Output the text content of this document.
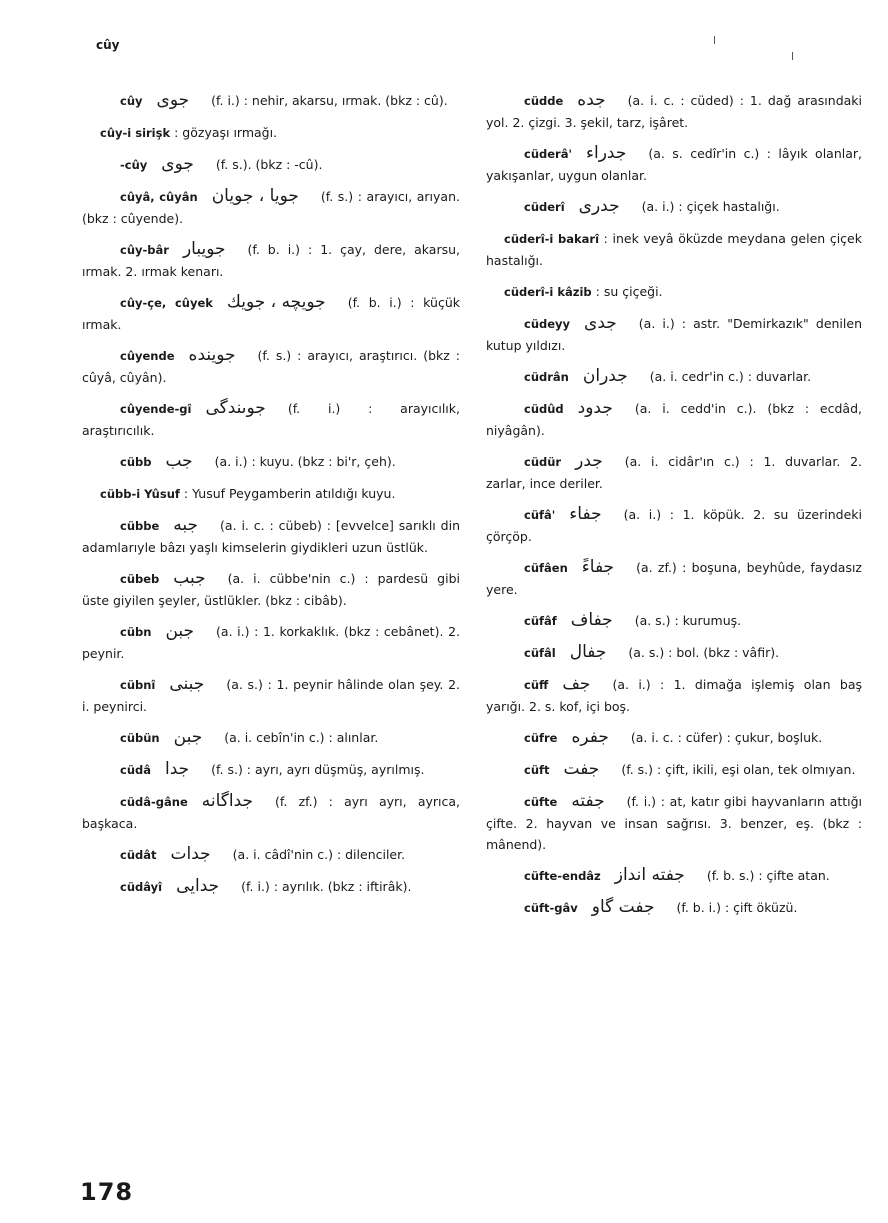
cûy
cûy جوى (f. i.) : nehir, akarsu, ırmak. (bkz : cû).
cûy-i sirişk : gözyaşı ırmağı.
-cûy جوى (f. s.). (bkz : -cû).
cûyâ, cûyân جويا ، جويان (f. s.) : arayıcı, arıyan. (bkz : cûyende).
cûy-bâr جويبار (f. b. i.) : 1. çay, dere, akarsu, ırmak. 2. ırmak kenarı.
cûy-çe, cûyek جويچه ، جويك (f. b. i.) : küçük ırmak.
cûyende جوينده (f. s.) : arayıcı, araştırıcı. (bkz : cûyâ, cûyân).
cûyende-gî جوىندگى (f. i.) : arayıcılık, araştırıcılık.
cübb جب (a. i.) : kuyu. (bkz : bi'r, çeh).
cübb-i Yûsuf : Yusuf Peygamberin atıldığı kuyu.
cübbe جبه (a. i. c. : cübeb) : [evvelce] sarıklı din adamlarıyle bâzı yaşlı kimselerin giydikleri uzun üstlük.
cübeb جبب (a. i. cübbe'nin c.) : pardesü gibi üste giyilen şeyler, üstlükler. (bkz : cibâb).
cübn جبن (a. i.) : 1. korkaklık. (bkz : cebânet). 2. peynir.
cübnî جبنى (a. s.) : 1. peynir hâlinde olan şey. 2. i. peynirci.
cübün جبن (a. i. cebîn'in c.) : alınlar.
cüdâ جدا (f. s.) : ayrı, ayrı düşmüş, ayrılmış.
cüdâ-gâne جداگانه (f. zf.) : ayrı ayrı, ayrıca, başkaca.
cüdât جدات (a. i. câdî'nin c.) : dilenciler.
cüdâyî جدايى (f. i.) : ayrılık. (bkz : iftirâk).
cüdde جده (a. i. c. : cüded) : 1. dağ arasındaki yol. 2. çizgi. 3. şekil, tarz, işâret.
cüderâ' جدراء (a. s. cedîr'in c.) : lâyık olanlar, yakışanlar, uygun olanlar.
cüderî جدرى (a. i.) : çiçek hastalığı.
cüderî-i bakarî : inek veyâ öküzde meydana gelen çiçek hastalığı.
cüderî-i kâzib : su çiçeği.
cüdeyy جدى (a. i.) : astr. "Demirkazık" denilen kutup yıldızı.
cüdrân جدران (a. i. cedr'in c.) : duvarlar.
cüdûd جدود (a. i. cedd'in c.). (bkz : ecdâd, niyâgân).
cüdür جدر (a. i. cidâr'ın c.) : 1. duvarlar. 2. zarlar, ince deriler.
cüfâ' جفاء (a. i.) : 1. köpük. 2. su üzerindeki çörçöp.
cüfâen جفاءً (a. zf.) : boşuna, beyhûde, faydasız yere.
cüfâf جفاف (a. s.) : kurumuş.
cüfâl جفال (a. s.) : bol. (bkz : vâfir).
cüff جف (a. i.) : 1. dimağa işlemiş olan baş yarığı. 2. s. kof, içi boş.
cüfre جفره (a. i. c. : cüfer) : çukur, boşluk.
cüft جفت (f. s.) : çift, ikili, eşi olan, tek olmıyan.
cüfte جفته (f. i.) : at, katır gibi hayvanların attığı çifte. 2. hayvan ve insan sağrısı. 3. benzer, eş. (bkz : mânend).
cüfte-endâz جفته انداز (f. b. s.) : çifte atan.
cüft-gâv جفت گاو (f. b. i.) : çift öküzü.
178
